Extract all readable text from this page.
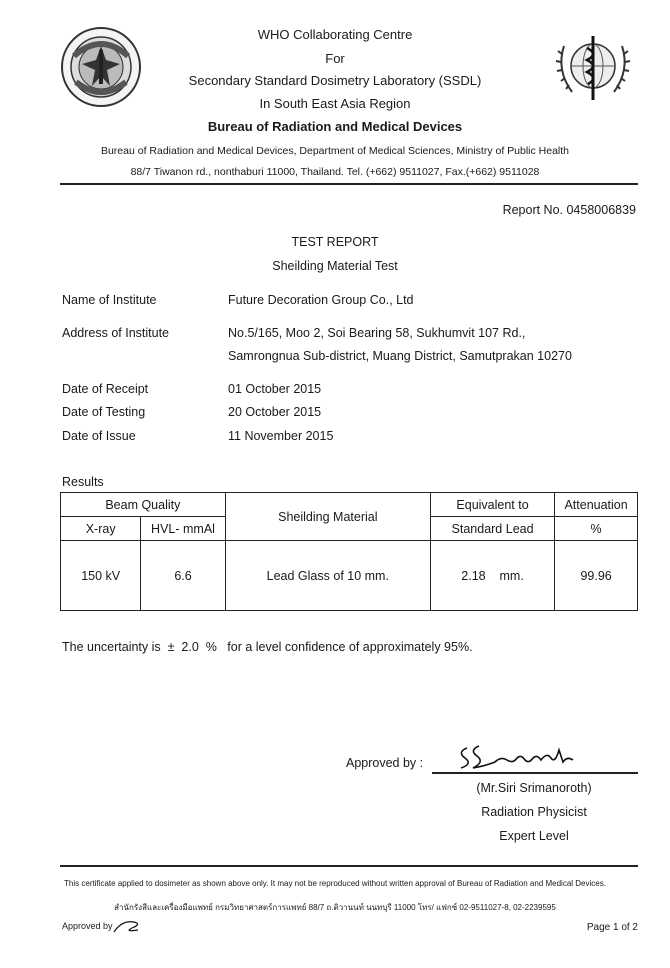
WHO Collaborating Centre
For
Secondary Standard Dosimetry Laboratory (SSDL)
In South East Asia Region
Bureau of Radiation and Medical Devices
Bureau of Radiation and Medical Devices, Department of Medical Sciences, Ministry of Public Health
88/7 Tiwanon rd., nonthaburi 11000, Thailand. Tel. (+662) 9511027, Fax.(+662) 9511028
Report No. 0458006839
TEST REPORT
Sheilding Material Test
Name of Institute	Future Decoration Group Co., Ltd
Address of Institute	No.5/165, Moo 2, Soi Bearing 58, Sukhumvit 107 Rd.,
Samrongnua Sub-district, Muang District, Samutprakan 10270
Date of Receipt	01 October 2015
Date of Testing	20 October 2015
Date of Issue	11 November 2015
Results
Beam Quality		Sheilding Material	Equivalent to	Attenuation
X-ray	HVL- mmAl		Standard Lead	%
150 kV	6.6	Lead Glass of 10 mm.	2.18    mm.	99.96
The uncertainty is  ±  2.0  %   for a level confidence of approximately 95%.
Approved by :
(Mr.Siri Srimanoroth)
Radiation Physicist
Expert Level
This certificate applied to dosimeter as shown above only. It may not be reproduced without written approval of Bureau of Radiation and Medical Devices.
สำนักรังสีและเครื่องมือแพทย์ กรมวิทยาศาสตร์การแพทย์ 88/7 ถ.ติวานนท์ นนทบุรี 11000 โทร/ แฟกซ์ 02-9511027-8, 02-2239595
Approved by	Page 1 of 2
